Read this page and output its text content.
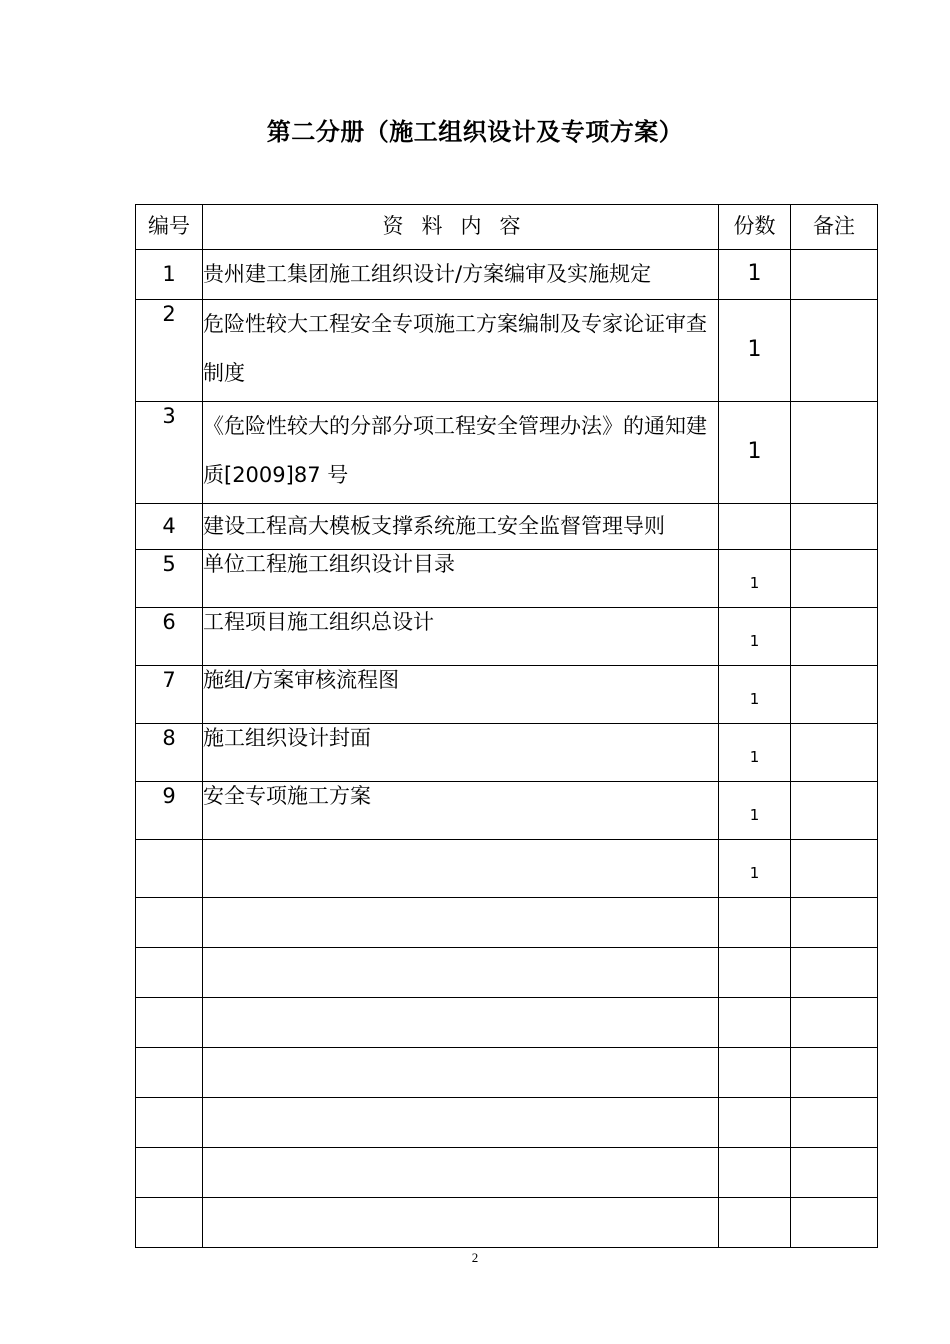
第二分册（施工组织设计及专项方案）
编号	资料内容	份数	备注
1	贵州建工集团施工组织设计/方案编审及实施规定	1	
2	危险性较大工程安全专项施工方案编制及专家论证审查制度	1	
3	《危险性较大的分部分项工程安全管理办法》的通知建质[2009]87 号	1	
4	建设工程高大模板支撑系统施工安全监督管理导则		
5	单位工程施工组织设计目录	1	
6	工程项目施工组织总设计	1	
7	施组/方案审核流程图	1	
8	施工组织设计封面	1	
9	安全专项施工方案	1	
		1	

2
